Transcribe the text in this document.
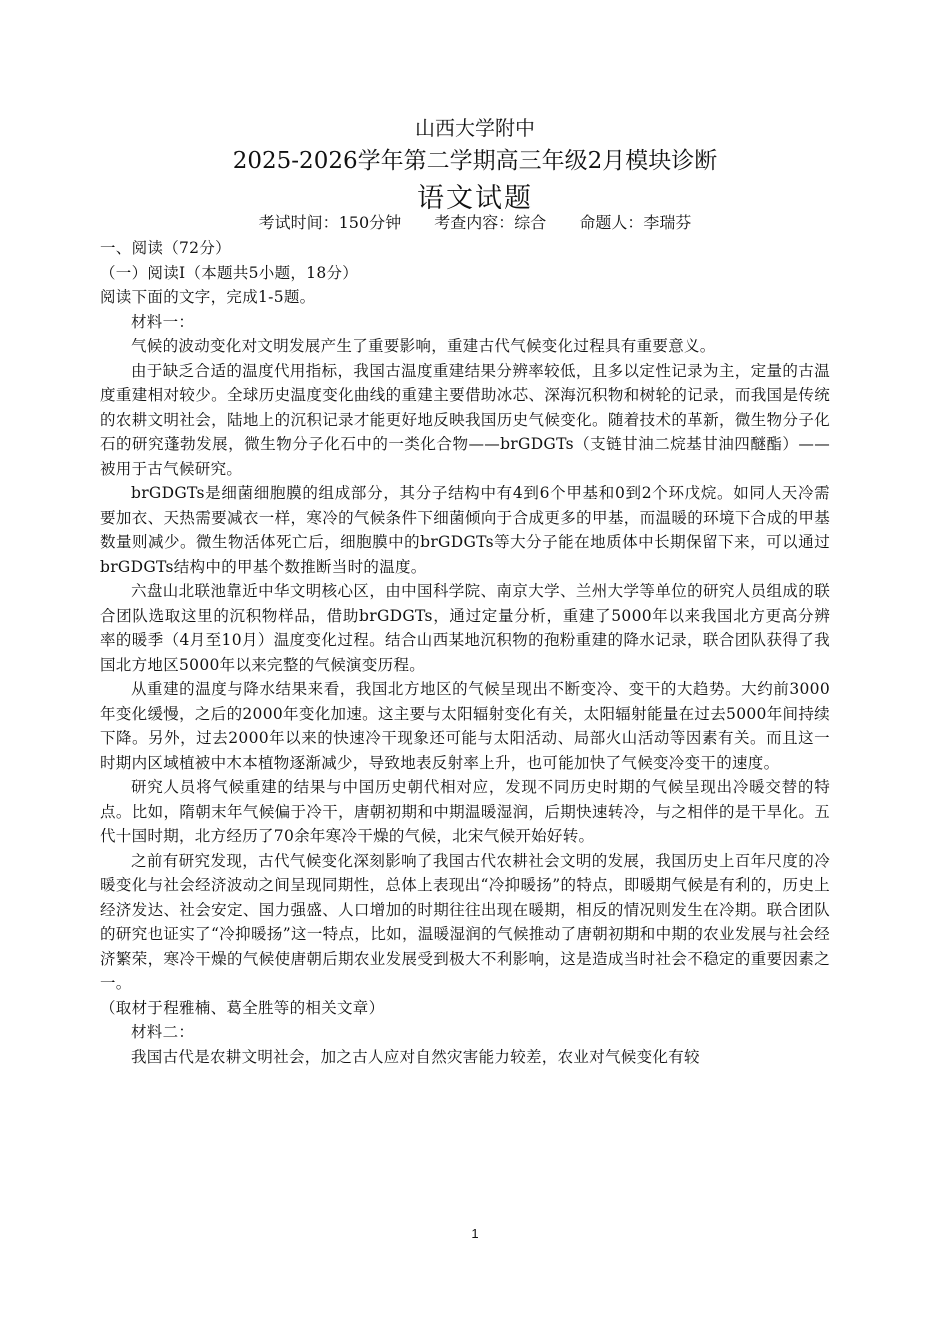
山西大学附中
2025-2026学年第二学期高三年级2月模块诊断
语文试题
考试时间：150分钟 考查内容：综合 命题人：李瑞芬

一、阅读（72分）

（一）阅读Ⅰ（本题共5小题，18分）

阅读下面的文字，完成1-5题。

材料一：

气候的波动变化对文明发展产生了重要影响，重建古代气候变化过程具有重要意义。

由于缺乏合适的温度代用指标，我国古温度重建结果分辨率较低，且多以定性记录为主，定量的古温度重建相对较少。全球历史温度变化曲线的重建主要借助冰芯、深海沉积物和树轮的记录，而我国是传统的农耕文明社会，陆地上的沉积记录才能更好地反映我国历史气候变化。随着技术的革新，微生物分子化石的研究蓬勃发展，微生物分子化石中的一类化合物——brGDGTs（支链甘油二烷基甘油四醚酯）——被用于古气候研究。

brGDGTs是细菌细胞膜的组成部分，其分子结构中有4到6个甲基和0到2个环戊烷。如同人天冷需要加衣、天热需要减衣一样，寒冷的气候条件下细菌倾向于合成更多的甲基，而温暖的环境下合成的甲基数量则减少。微生物活体死亡后，细胞膜中的brGDGTs等大分子能在地质体中长期保留下来，可以通过brGDGTs结构中的甲基个数推断当时的温度。

六盘山北联池靠近中华文明核心区，由中国科学院、南京大学、兰州大学等单位的研究人员组成的联合团队选取这里的沉积物样品，借助brGDGTs，通过定量分析，重建了5000年以来我国北方更高分辨率的暖季（4月至10月）温度变化过程。结合山西某地沉积物的孢粉重建的降水记录，联合团队获得了我国北方地区5000年以来完整的气候演变历程。

从重建的温度与降水结果来看，我国北方地区的气候呈现出不断变冷、变干的大趋势。大约前3000年变化缓慢，之后的2000年变化加速。这主要与太阳辐射变化有关，太阳辐射能量在过去5000年间持续下降。另外，过去2000年以来的快速冷干现象还可能与太阳活动、局部火山活动等因素有关。而且这一时期内区域植被中木本植物逐渐减少，导致地表反射率上升，也可能加快了气候变冷变干的速度。

研究人员将气候重建的结果与中国历史朝代相对应，发现不同历史时期的气候呈现出冷暖交替的特点。比如，隋朝末年气候偏于冷干，唐朝初期和中期温暖湿润，后期快速转冷，与之相伴的是干旱化。五代十国时期，北方经历了70余年寒冷干燥的气候，北宋气候开始好转。

之前有研究发现，古代气候变化深刻影响了我国古代农耕社会文明的发展，我国历史上百年尺度的冷暖变化与社会经济波动之间呈现同期性，总体上表现出“冷抑暖扬”的特点，即暖期气候是有利的，历史上经济发达、社会安定、国力强盛、人口增加的时期往往出现在暖期，相反的情况则发生在冷期。联合团队的研究也证实了“冷抑暖扬”这一特点，比如，温暖湿润的气候推动了唐朝初期和中期的农业发展与社会经济繁荣，寒冷干燥的气候使唐朝后期农业发展受到极大不利影响，这是造成当时社会不稳定的重要因素之一。

（取材于程雅楠、葛全胜等的相关文章）

材料二：

我国古代是农耕文明社会，加之古人应对自然灾害能力较差，农业对气候变化有较

1
